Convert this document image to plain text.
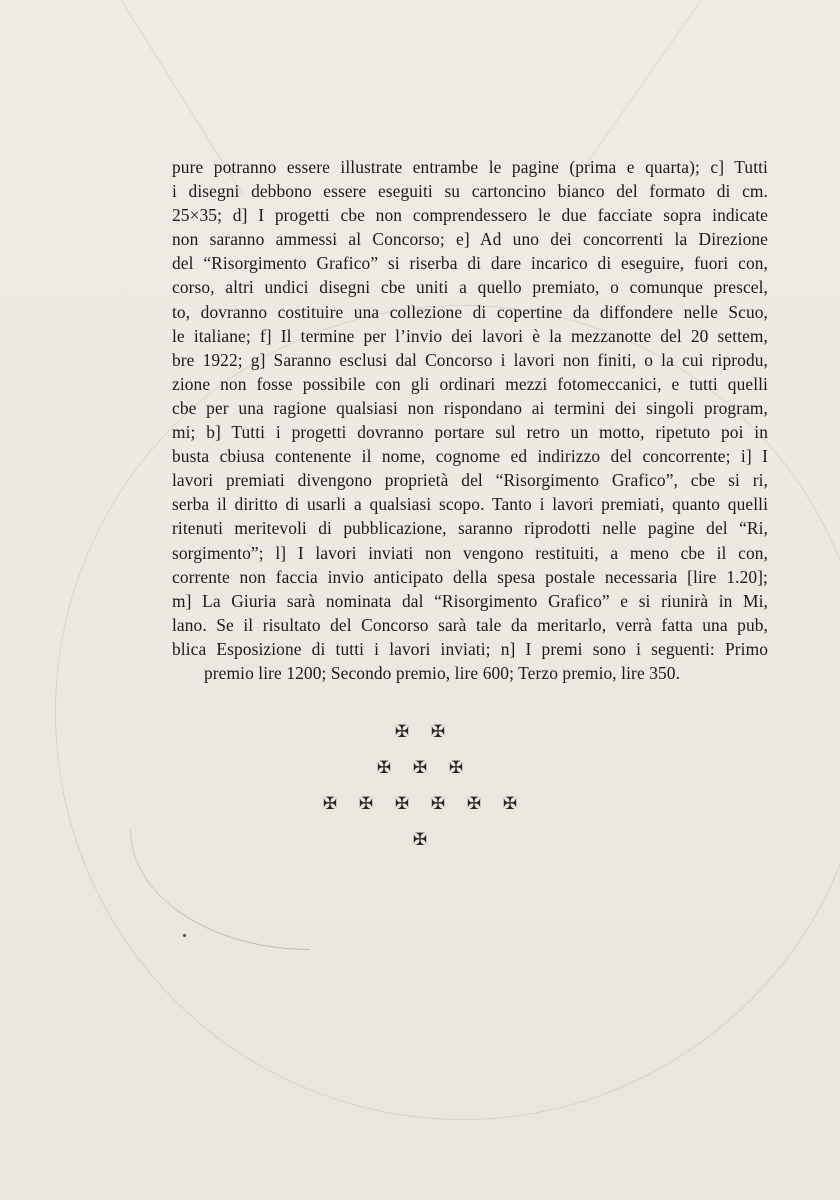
pure potranno essere illustrate entrambe le pagine (prima e quarta); c] Tutti
i disegni debbono essere eseguiti su cartoncino bianco del formato di cm.
25×35; d] I progetti cbe non comprendessero le due facciate sopra indicate
non saranno ammessi al Concorso; e] Ad uno dei concorrenti la Direzione
del “Risorgimento Grafico” si riserba di dare incarico di eseguire, fuori con,
corso, altri undici disegni cbe uniti a quello premiato, o comunque prescel,
to, dovranno costituire una collezione di copertine da diffondere nelle Scuo,
le italiane; f] Il termine per l’invio dei lavori è la mezzanotte del 20 settem,
bre 1922; g] Saranno esclusi dal Concorso i lavori non finiti, o la cui riprodu,
zione non fosse possibile con gli ordinari mezzi fotomeccanici, e tutti quelli
cbe per una ragione qualsiasi non rispondano ai termini dei singoli program,
mi; b] Tutti i progetti dovranno portare sul retro un motto, ripetuto poi in
busta cbiusa contenente il nome, cognome ed indirizzo del concorrente; i] I
lavori premiati divengono proprietà del “Risorgimento Grafico”, cbe si ri,
serba il diritto di usarli a qualsiasi scopo. Tanto i lavori premiati, quanto quelli
ritenuti meritevoli di pubblicazione, saranno riprodotti nelle pagine del “Ri,
sorgimento”; l] I lavori inviati non vengono restituiti, a meno cbe il con,
corrente non faccia invio anticipato della spesa postale necessaria [lire 1.20];
m] La Giuria sarà nominata dal “Risorgimento Grafico” e si riunirà in Mi,
lano. Se il risultato del Concorso sarà tale da meritarlo, verrà fatta una pub,
blica Esposizione di tutti i lavori inviati; n] I premi sono i seguenti: Primo
premio lire 1200; Secondo premio, lire 600; Terzo premio, lire 350.
✠	✠
✠	✠	✠
✠	✠	✠	✠	✠	✠
✠
